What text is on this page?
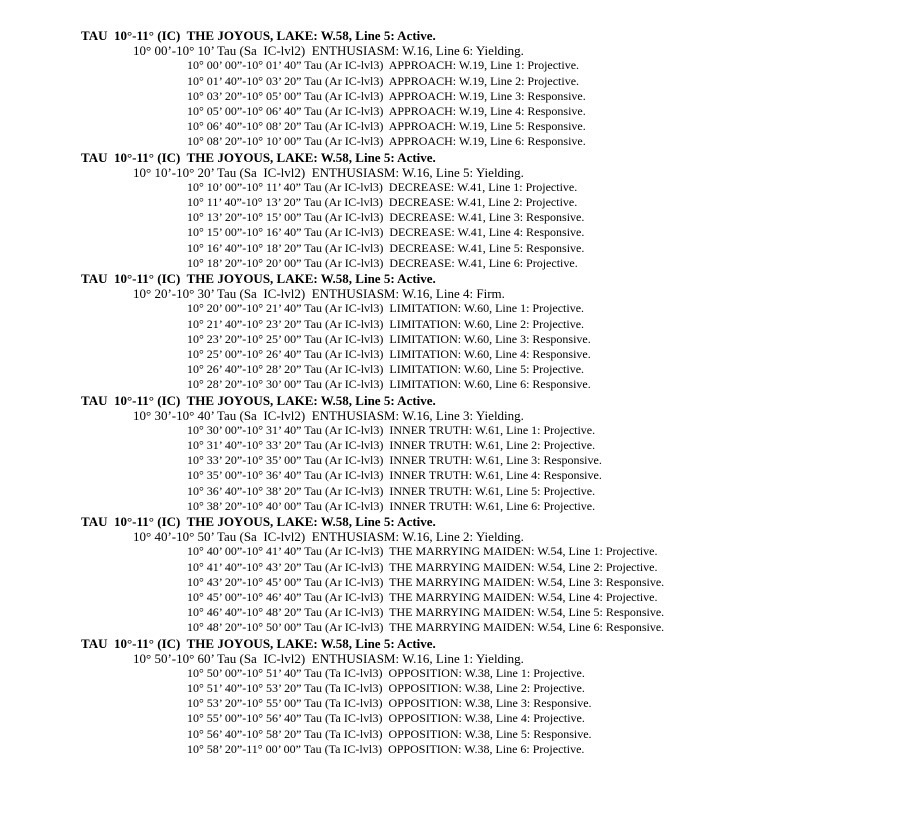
TAU  10°-11° (IC)  THE JOYOUS, LAKE: W.58, Line 5: Active.
10° 00’-10° 10’ Tau (Sa  IC-lvl2)  ENTHUSIASM: W.16, Line 6: Yielding.
10° 00’ 00”-10° 01’ 40” Tau (Ar IC-lvl3)  APPROACH: W.19, Line 1: Projective.
10° 01’ 40”-10° 03’ 20” Tau (Ar IC-lvl3)  APPROACH: W.19, Line 2: Projective.
10° 03’ 20”-10° 05’ 00” Tau (Ar IC-lvl3)  APPROACH: W.19, Line 3: Responsive.
10° 05’ 00”-10° 06’ 40” Tau (Ar IC-lvl3)  APPROACH: W.19, Line 4: Responsive.
10° 06’ 40”-10° 08’ 20” Tau (Ar IC-lvl3)  APPROACH: W.19, Line 5: Responsive.
10° 08’ 20”-10° 10’ 00” Tau (Ar IC-lvl3)  APPROACH: W.19, Line 6: Responsive.
TAU  10°-11° (IC)  THE JOYOUS, LAKE: W.58, Line 5: Active.
10° 10’-10° 20’ Tau (Sa  IC-lvl2)  ENTHUSIASM: W.16, Line 5: Yielding.
10° 10’ 00”-10° 11’ 40” Tau (Ar IC-lvl3)  DECREASE: W.41, Line 1: Projective.
10° 11’ 40”-10° 13’ 20” Tau (Ar IC-lvl3)  DECREASE: W.41, Line 2: Projective.
10° 13’ 20”-10° 15’ 00” Tau (Ar IC-lvl3)  DECREASE: W.41, Line 3: Responsive.
10° 15’ 00”-10° 16’ 40” Tau (Ar IC-lvl3)  DECREASE: W.41, Line 4: Responsive.
10° 16’ 40”-10° 18’ 20” Tau (Ar IC-lvl3)  DECREASE: W.41, Line 5: Responsive.
10° 18’ 20”-10° 20’ 00” Tau (Ar IC-lvl3)  DECREASE: W.41, Line 6: Projective.
TAU  10°-11° (IC)  THE JOYOUS, LAKE: W.58, Line 5: Active.
10° 20’-10° 30’ Tau (Sa  IC-lvl2)  ENTHUSIASM: W.16, Line 4: Firm.
10° 20’ 00”-10° 21’ 40” Tau (Ar IC-lvl3)  LIMITATION: W.60, Line 1: Projective.
10° 21’ 40”-10° 23’ 20” Tau (Ar IC-lvl3)  LIMITATION: W.60, Line 2: Projective.
10° 23’ 20”-10° 25’ 00” Tau (Ar IC-lvl3)  LIMITATION: W.60, Line 3: Responsive.
10° 25’ 00”-10° 26’ 40” Tau (Ar IC-lvl3)  LIMITATION: W.60, Line 4: Responsive.
10° 26’ 40”-10° 28’ 20” Tau (Ar IC-lvl3)  LIMITATION: W.60, Line 5: Projective.
10° 28’ 20”-10° 30’ 00” Tau (Ar IC-lvl3)  LIMITATION: W.60, Line 6: Responsive.
TAU  10°-11° (IC)  THE JOYOUS, LAKE: W.58, Line 5: Active.
10° 30’-10° 40’ Tau (Sa  IC-lvl2)  ENTHUSIASM: W.16, Line 3: Yielding.
10° 30’ 00”-10° 31’ 40” Tau (Ar IC-lvl3)  INNER TRUTH: W.61, Line 1: Projective.
10° 31’ 40”-10° 33’ 20” Tau (Ar IC-lvl3)  INNER TRUTH: W.61, Line 2: Projective.
10° 33’ 20”-10° 35’ 00” Tau (Ar IC-lvl3)  INNER TRUTH: W.61, Line 3: Responsive.
10° 35’ 00”-10° 36’ 40” Tau (Ar IC-lvl3)  INNER TRUTH: W.61, Line 4: Responsive.
10° 36’ 40”-10° 38’ 20” Tau (Ar IC-lvl3)  INNER TRUTH: W.61, Line 5: Projective.
10° 38’ 20”-10° 40’ 00” Tau (Ar IC-lvl3)  INNER TRUTH: W.61, Line 6: Projective.
TAU  10°-11° (IC)  THE JOYOUS, LAKE: W.58, Line 5: Active.
10° 40’-10° 50’ Tau (Sa  IC-lvl2)  ENTHUSIASM: W.16, Line 2: Yielding.
10° 40’ 00”-10° 41’ 40” Tau (Ar IC-lvl3)  THE MARRYING MAIDEN: W.54, Line 1: Projective.
10° 41’ 40”-10° 43’ 20” Tau (Ar IC-lvl3)  THE MARRYING MAIDEN: W.54, Line 2: Projective.
10° 43’ 20”-10° 45’ 00” Tau (Ar IC-lvl3)  THE MARRYING MAIDEN: W.54, Line 3: Responsive.
10° 45’ 00”-10° 46’ 40” Tau (Ar IC-lvl3)  THE MARRYING MAIDEN: W.54, Line 4: Projective.
10° 46’ 40”-10° 48’ 20” Tau (Ar IC-lvl3)  THE MARRYING MAIDEN: W.54, Line 5: Responsive.
10° 48’ 20”-10° 50’ 00” Tau (Ar IC-lvl3)  THE MARRYING MAIDEN: W.54, Line 6: Responsive.
TAU  10°-11° (IC)  THE JOYOUS, LAKE: W.58, Line 5: Active.
10° 50’-10° 60’ Tau (Sa  IC-lvl2)  ENTHUSIASM: W.16, Line 1: Yielding.
10° 50’ 00”-10° 51’ 40” Tau (Ta IC-lvl3)  OPPOSITION: W.38, Line 1: Projective.
10° 51’ 40”-10° 53’ 20” Tau (Ta IC-lvl3)  OPPOSITION: W.38, Line 2: Projective.
10° 53’ 20”-10° 55’ 00” Tau (Ta IC-lvl3)  OPPOSITION: W.38, Line 3: Responsive.
10° 55’ 00”-10° 56’ 40” Tau (Ta IC-lvl3)  OPPOSITION: W.38, Line 4: Projective.
10° 56’ 40”-10° 58’ 20” Tau (Ta IC-lvl3)  OPPOSITION: W.38, Line 5: Responsive.
10° 58’ 20”-11° 00’ 00” Tau (Ta IC-lvl3)  OPPOSITION: W.38, Line 6: Projective.
